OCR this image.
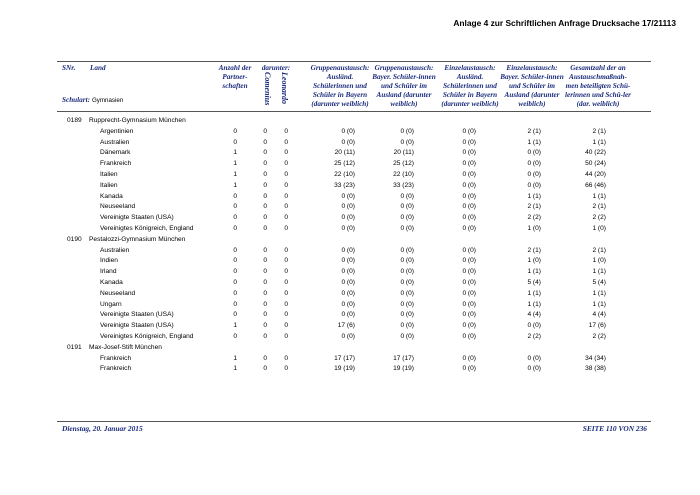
Anlage 4 zur Schriftlichen Anfrage Drucksache 17/21113
SNr. Land
Schulart: Gymnasien
Anzahl der Partner-schaften
darunter:
Comenius Leonardo
Gruppenaustausch: Ausländ. Schülerinnen und Schüler in Bayern (darunter weiblich)
Gruppenaustausch: Bayer. Schüler-innen und Schüler im Ausland (darunter weiblich)
Einzelaustausch: Ausländ. Schülerinnen und Schüler in Bayern (darunter weiblich)
Einzelaustausch: Bayer. Schüler-innen und Schüler im Ausland (darunter weiblich)
Gesamtzahl der an Austauschmaßnah-men beteiligten Schü-lerinnen und Schü-ler (dar. weiblich)
0189 Rupprecht-Gymnasium München
Argentinien	0	0	0	0 (0)	0 (0)	0 (0)	2 (1)	2 (1)
Australien	0	0	0	0 (0)	0 (0)	0 (0)	1 (1)	1 (1)
Dänemark	1	0	0	20 (11)	20 (11)	0 (0)	0 (0)	40 (22)
Frankreich	1	0	0	25 (12)	25 (12)	0 (0)	0 (0)	50 (24)
Italien	1	0	0	22 (10)	22 (10)	0 (0)	0 (0)	44 (20)
Italien	1	0	0	33 (23)	33 (23)	0 (0)	0 (0)	66 (46)
Kanada	0	0	0	0 (0)	0 (0)	0 (0)	1 (1)	1 (1)
Neuseeland	0	0	0	0 (0)	0 (0)	0 (0)	2 (1)	2 (1)
Vereinigte Staaten (USA)	0	0	0	0 (0)	0 (0)	0 (0)	2 (2)	2 (2)
Vereinigtes Königreich, England	0	0	0	0 (0)	0 (0)	0 (0)	1 (0)	1 (0)
0190 Pestalozzi-Gymnasium München
Australien	0	0	0	0 (0)	0 (0)	0 (0)	2 (1)	2 (1)
Indien	0	0	0	0 (0)	0 (0)	0 (0)	1 (0)	1 (0)
Irland	0	0	0	0 (0)	0 (0)	0 (0)	1 (1)	1 (1)
Kanada	0	0	0	0 (0)	0 (0)	0 (0)	5 (4)	5 (4)
Neuseeland	0	0	0	0 (0)	0 (0)	0 (0)	1 (1)	1 (1)
Ungarn	0	0	0	0 (0)	0 (0)	0 (0)	1 (1)	1 (1)
Vereinigte Staaten (USA)	0	0	0	0 (0)	0 (0)	0 (0)	4 (4)	4 (4)
Vereinigte Staaten (USA)	1	0	0	17 (6)	0 (0)	0 (0)	0 (0)	17 (6)
Vereinigtes Königreich, England	0	0	0	0 (0)	0 (0)	0 (0)	2 (2)	2 (2)
0191 Max-Josef-Stift München
Frankreich	1	0	0	17 (17)	17 (17)	0 (0)	0 (0)	34 (34)
Frankreich	1	0	0	19 (19)	19 (19)	0 (0)	0 (0)	38 (38)
Dienstag, 20. Januar 2015	SEITE 110 VON 236
